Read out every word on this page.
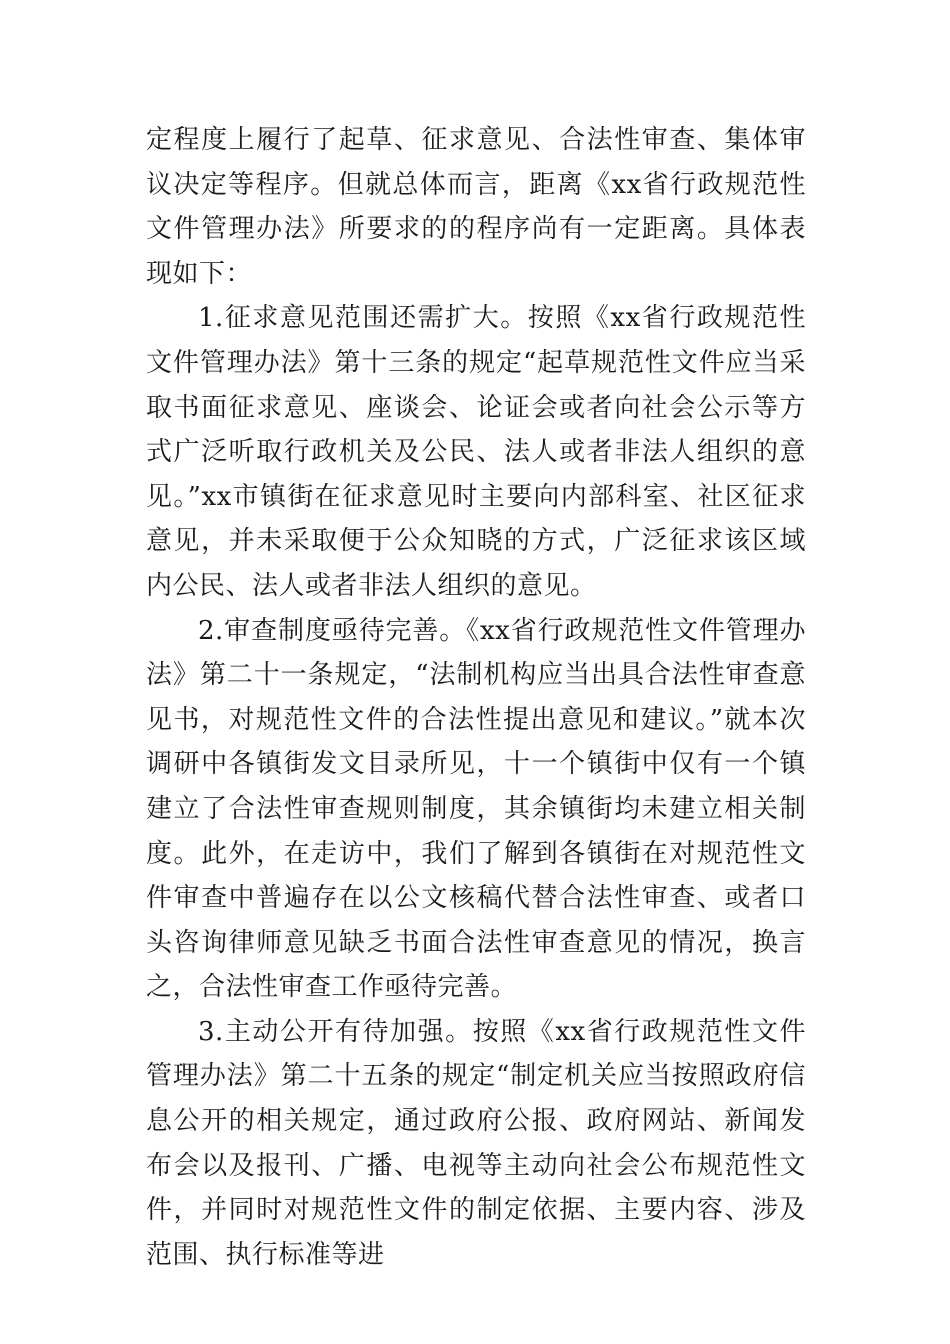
定程度上履行了起草、征求意见、合法性审查、集体审议决定等程序。但就总体而言，距离《xx省行政规范性文件管理办法》所要求的的程序尚有一定距离。具体表现如下：

1.征求意见范围还需扩大。按照《xx省行政规范性文件管理办法》第十三条的规定“起草规范性文件应当采取书面征求意见、座谈会、论证会或者向社会公示等方式广泛听取行政机关及公民、法人或者非法人组织的意见。”xx市镇街在征求意见时主要向内部科室、社区征求意见，并未采取便于公众知晓的方式，广泛征求该区域内公民、法人或者非法人组织的意见。

2.审查制度亟待完善。《xx省行政规范性文件管理办法》第二十一条规定，“法制机构应当出具合法性审查意见书，对规范性文件的合法性提出意见和建议。”就本次调研中各镇街发文目录所见，十一个镇街中仅有一个镇建立了合法性审查规则制度，其余镇街均未建立相关制度。此外，在走访中，我们了解到各镇街在对规范性文件审查中普遍存在以公文核稿代替合法性审查、或者口头咨询律师意见缺乏书面合法性审查意见的情况，换言之，合法性审查工作亟待完善。

3.主动公开有待加强。按照《xx省行政规范性文件管理办法》第二十五条的规定“制定机关应当按照政府信息公开的相关规定，通过政府公报、政府网站、新闻发布会以及报刊、广播、电视等主动向社会公布规范性文件，并同时对规范性文件的制定依据、主要内容、涉及范围、执行标准等进
